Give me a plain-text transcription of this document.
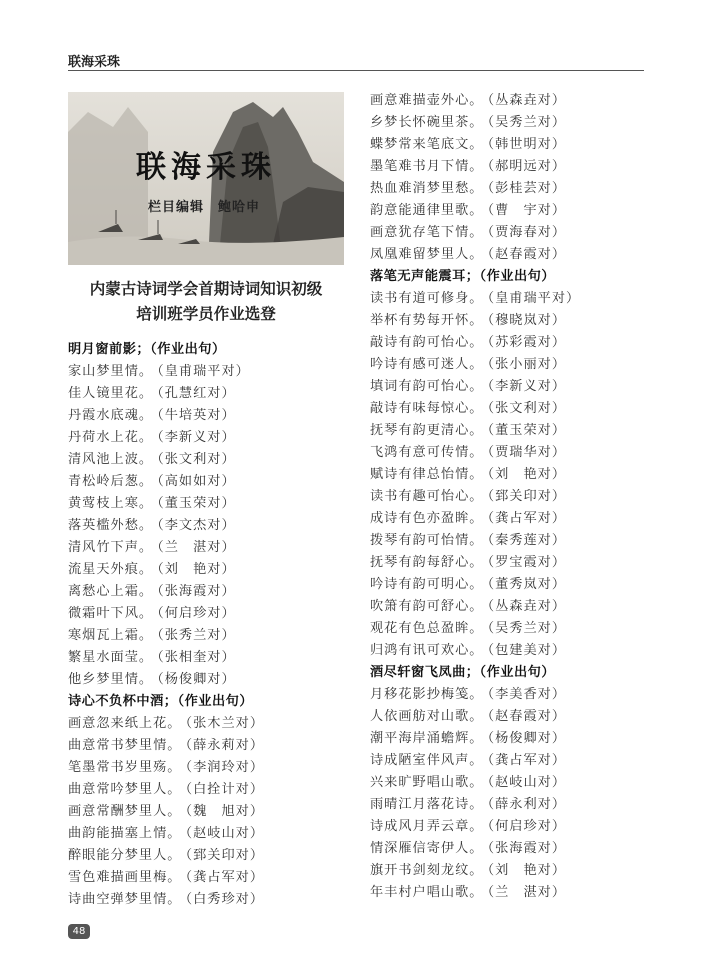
联海采珠
联海采珠
栏目编辑 鲍哈申
内蒙古诗词学会首期诗词知识初级
培训班学员作业选登
明月窗前影；（作业出句）
家山梦里情。 （皇甫瑞平对）
佳人镜里花。 （孔慧红对）
丹霞水底魂。 （牛培英对）
丹荷水上花。 （李新义对）
清风池上波。 （张文利对）
青松岭后葱。 （高如如对）
黄莺枝上寒。 （董玉荣对）
落英槛外愁。 （李文杰对）
清风竹下声。 （兰　湛对）
流星天外痕。 （刘　艳对）
离愁心上霜。 （张海霞对）
微霜叶下风。 （何启珍对）
寒烟瓦上霜。 （张秀兰对）
繁星水面莹。 （张相奎对）
他乡梦里情。 （杨俊卿对）
诗心不负杯中酒；（作业出句）
画意忽来纸上花。 （张木兰对）
曲意常书梦里情。 （薛永莉对）
笔墨常书岁里殇。 （李润玲对）
曲意常吟梦里人。 （白拴计对）
画意常酬梦里人。 （魏　旭对）
曲韵能描塞上情。 （赵岐山对）
醉眼能分梦里人。 （郅关印对）
雪色难描画里梅。 （龚占军对）
诗曲空弹梦里情。 （白秀珍对）
画意难描壶外心。 （丛森垚对）
乡梦长怀碗里茶。 （吴秀兰对）
蝶梦常来笔底文。 （韩世明对）
墨笔难书月下情。 （郝明远对）
热血难消梦里愁。 （彭桂芸对）
韵意能通律里歌。 （曹　宇对）
画意犹存笔下情。 （贾海春对）
凤凰难留梦里人。 （赵春霞对）
落笔无声能震耳；（作业出句）
读书有道可修身。 （皇甫瑞平对）
举杯有势每开怀。 （穆晓岚对）
敲诗有韵可怡心。 （苏彩霞对）
吟诗有感可迷人。 （张小丽对）
填词有韵可怡心。 （李新义对）
敲诗有味每惊心。 （张文利对）
抚琴有韵更清心。 （董玉荣对）
飞鸿有意可传情。 （贾瑞华对）
赋诗有律总怡情。 （刘　艳对）
读书有趣可怡心。 （郅关印对）
成诗有色亦盈眸。 （龚占军对）
拨琴有韵可怡情。 （秦秀莲对）
抚琴有韵每舒心。 （罗宝霞对）
吟诗有韵可明心。 （董秀岚对）
吹箫有韵可舒心。 （丛森垚对）
观花有色总盈眸。 （吴秀兰对）
归鸿有讯可欢心。 （包建美对）
酒尽轩窗飞凤曲；（作业出句）
月移花影抄梅笺。 （李美香对）
人依画舫对山歌。 （赵春霞对）
潮平海岸涌蟾辉。 （杨俊卿对）
诗成陋室伴风声。 （龚占军对）
兴来旷野唱山歌。 （赵岐山对）
雨晴江月落花诗。 （薛永利对）
诗成风月弄云章。 （何启珍对）
情深雁信寄伊人。 （张海霞对）
旗开书剑刻龙纹。 （刘　艳对）
年丰村户唱山歌。 （兰　湛对）
48
